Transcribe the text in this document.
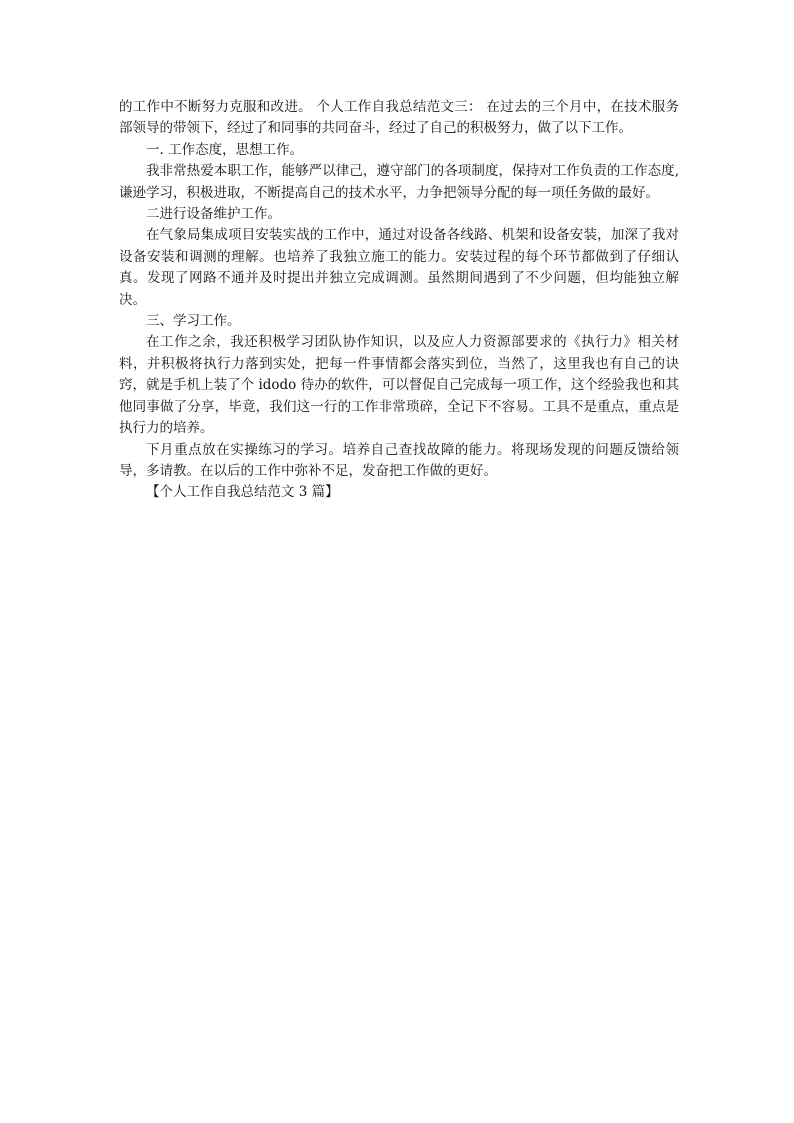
的工作中不断努力克服和改进。 个人工作自我总结范文三： 在过去的三个月中，在技术服务部领导的带领下，经过了和同事的共同奋斗，经过了自己的积极努力，做了以下工作。

一. 工作态度，思想工作。

我非常热爱本职工作，能够严以律己，遵守部门的各项制度，保持对工作负责的工作态度,谦逊学习，积极进取，不断提高自己的技术水平，力争把领导分配的每一项任务做的最好。

二进行设备维护工作。

在气象局集成项目安装实战的工作中，通过对设备各线路、机架和设备安装，加深了我对设备安装和调测的理解。也培养了我独立施工的能力。安装过程的每个环节都做到了仔细认真。发现了网路不通并及时提出并独立完成调测。虽然期间遇到了不少问题，但均能独立解决。

三、学习工作。

在工作之余，我还积极学习团队协作知识，以及应人力资源部要求的《执行力》相关材料，并积极将执行力落到实处，把每一件事情都会落实到位，当然了，这里我也有自己的诀窍，就是手机上装了个 idodo 待办的软件，可以督促自己完成每一项工作，这个经验我也和其他同事做了分享，毕竟，我们这一行的工作非常琐碎，全记下不容易。工具不是重点，重点是执行力的培养。

下月重点放在实操练习的学习。培养自己查找故障的能力。将现场发现的问题反馈给领导，多请教。在以后的工作中弥补不足，发奋把工作做的更好。

【个人工作自我总结范文 3 篇】
